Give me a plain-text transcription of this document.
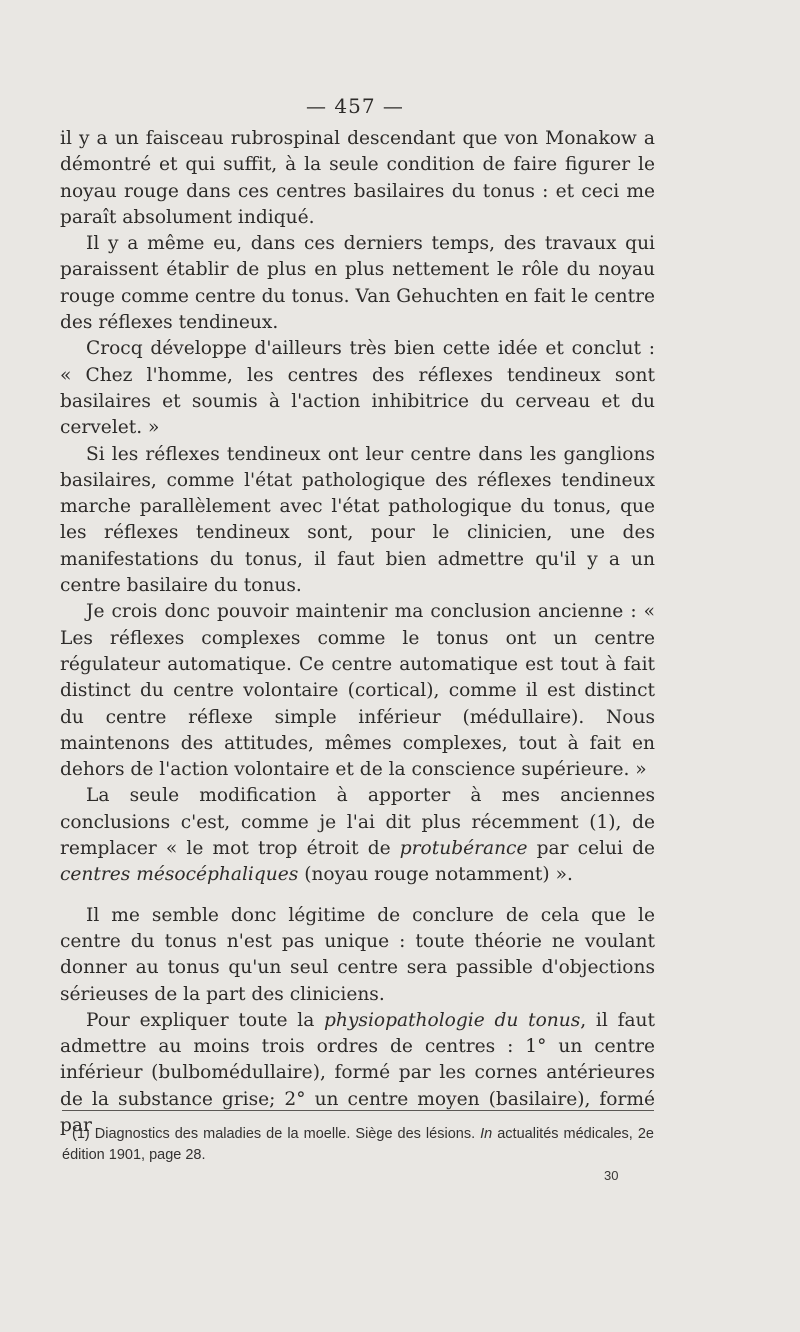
— 457 —

il y a un faisceau rubrospinal descendant que von Monakow a démontré et qui suffit, à la seule condition de faire figurer le noyau rouge dans ces centres basilaires du tonus : et ceci me paraît absolument indiqué.

Il y a même eu, dans ces derniers temps, des travaux qui paraissent établir de plus en plus nettement le rôle du noyau rouge comme centre du tonus. Van Gehuchten en fait le centre des réflexes tendineux.

Crocq développe d'ailleurs très bien cette idée et conclut : « Chez l'homme, les centres des réflexes tendineux sont basilaires et soumis à l'action inhibitrice du cerveau et du cervelet. »

Si les réflexes tendineux ont leur centre dans les ganglions basilaires, comme l'état pathologique des réflexes tendineux marche parallèlement avec l'état pathologique du tonus, que les réflexes tendineux sont, pour le clinicien, une des manifestations du tonus, il faut bien admettre qu'il y a un centre basilaire du tonus.

Je crois donc pouvoir maintenir ma conclusion ancienne : « Les réflexes complexes comme le tonus ont un centre régulateur automatique. Ce centre automatique est tout à fait distinct du centre volontaire (cortical), comme il est distinct du centre réflexe simple inférieur (médullaire). Nous maintenons des attitudes, mêmes complexes, tout à fait en dehors de l'action volontaire et de la conscience supérieure. »

La seule modification à apporter à mes anciennes conclusions c'est, comme je l'ai dit plus récemment (1), de remplacer « le mot trop étroit de protubérance par celui de centres mésocéphaliques (noyau rouge notamment) ».

Il me semble donc légitime de conclure de cela que le centre du tonus n'est pas unique : toute théorie ne voulant donner au tonus qu'un seul centre sera passible d'objections sérieuses de la part des cliniciens.

Pour expliquer toute la physiopathologie du tonus, il faut admettre au moins trois ordres de centres : 1° un centre inférieur (bulbomédullaire), formé par les cornes antérieures de la substance grise; 2° un centre moyen (basilaire), formé par

(1) Diagnostics des maladies de la moelle. Siège des lésions. In actualités médicales, 2e édition 1901, page 28.

30
